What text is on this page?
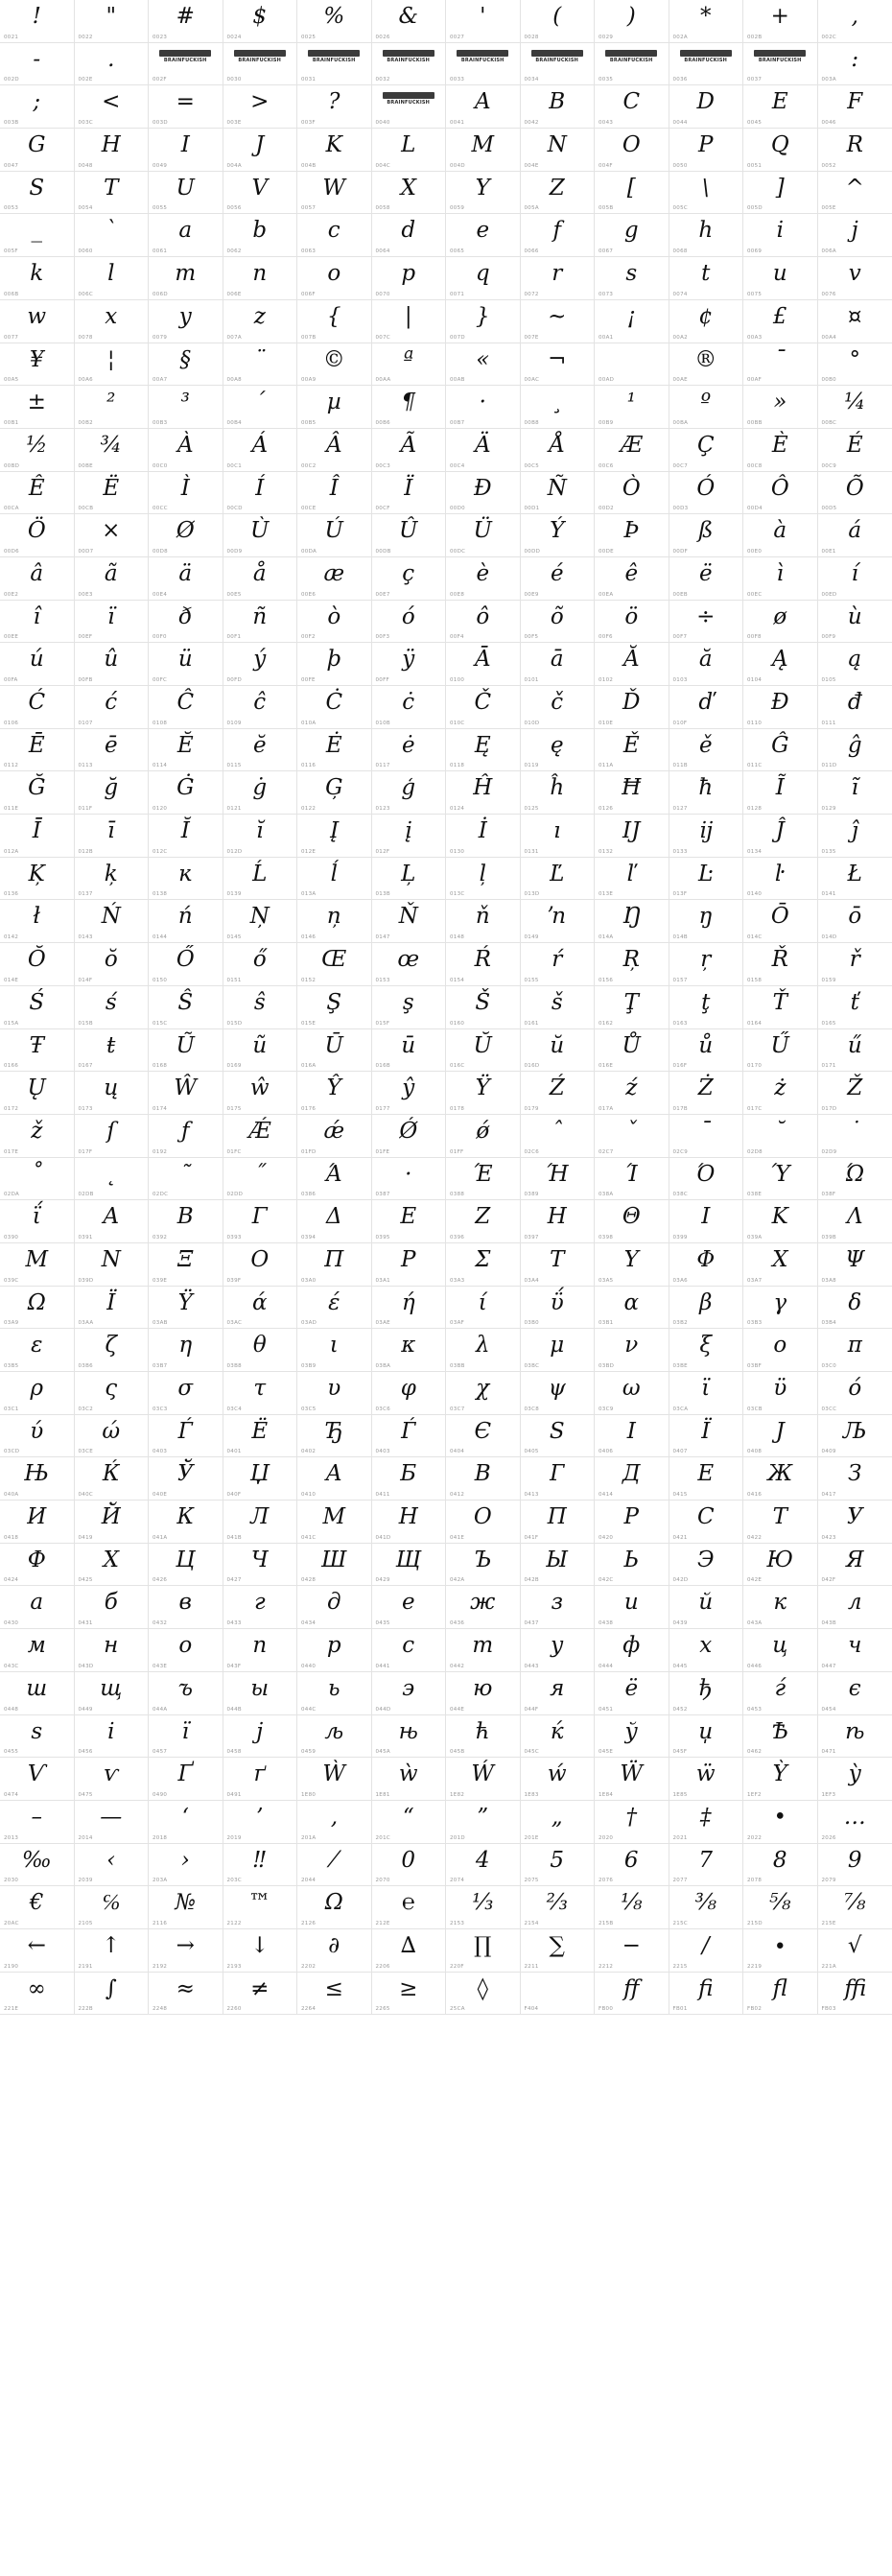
!
0021
"
0022
#
0023
$
0024
%
0025
&
0026
'
0027
(
0028
)
0029
*
002A
+
002B
,
002C
-
002D
.
002E
BRAINFUCKISH
002F
BRAINFUCKISH
0030
BRAINFUCKISH
0031
BRAINFUCKISH
0032
BRAINFUCKISH
0033
BRAINFUCKISH
0034
BRAINFUCKISH
0035
BRAINFUCKISH
0036
BRAINFUCKISH
0037
:
003A
;
003B
<
003C
=
003D
>
003E
?
003F
BRAINFUCKISH
0040
A
0041
B
0042
C
0043
D
0044
E
0045
F
0046
G
0047
H
0048
I
0049
J
004A
K
004B
L
004C
M
004D
N
004E
O
004F
P
0050
Q
0051
R
0052
S
0053
T
0054
U
0055
V
0056
W
0057
X
0058
Y
0059
Z
005A
[
005B
\
005C
]
005D
^
005E
_
005F
`
0060
a
0061
b
0062
c
0063
d
0064
e
0065
f
0066
g
0067
h
0068
i
0069
j
006A
k
006B
l
006C
m
006D
n
006E
o
006F
p
0070
q
0071
r
0072
s
0073
t
0074
u
0075
v
0076
w
0077
x
0078
y
0079
z
007A
{
007B
|
007C
}
007D
~
007E
¡
00A1
¢
00A2
£
00A3
¤
00A4
¥
00A5
¦
00A6
§
00A7
¨
00A8
©
00A9
ª
00AA
«
00AB
¬
00AC	00AD
®
00AE
¯
00AF
°
00B0
±
00B1
²
00B2
³
00B3
´
00B4
µ
00B5
¶
00B6
·
00B7
¸
00B8
¹
00B9
º
00BA
»
00BB
¼
00BC
½
00BD
¾
00BE
À
00C0
Á
00C1
Â
00C2
Ã
00C3
Ä
00C4
Å
00C5
Æ
00C6
Ç
00C7
È
00C8
É
00C9
Ê
00CA
Ë
00CB
Ì
00CC
Í
00CD
Î
00CE
Ï
00CF
Ð
00D0
Ñ
00D1
Ò
00D2
Ó
00D3
Ô
00D4
Õ
00D5
Ö
00D6
×
00D7
Ø
00D8
Ù
00D9
Ú
00DA
Û
00DB
Ü
00DC
Ý
00DD
Þ
00DE
ß
00DF
à
00E0
á
00E1
â
00E2
ã
00E3
ä
00E4
å
00E5
æ
00E6
ç
00E7
è
00E8
é
00E9
ê
00EA
ë
00EB
ì
00EC
í
00ED
î
00EE
ï
00EF
ð
00F0
ñ
00F1
ò
00F2
ó
00F3
ô
00F4
õ
00F5
ö
00F6
÷
00F7
ø
00F8
ù
00F9
ú
00FA
û
00FB
ü
00FC
ý
00FD
þ
00FE
ÿ
00FF
Ā
0100
ā
0101
Ă
0102
ă
0103
Ą
0104
ą
0105
Ć
0106
ć
0107
Ĉ
0108
ĉ
0109
Ċ
010A
ċ
010B
Č
010C
č
010D
Ď
010E
ď
010F
Đ
0110
đ
0111
Ē
0112
ē
0113
Ĕ
0114
ĕ
0115
Ė
0116
ė
0117
Ę
0118
ę
0119
Ě
011A
ě
011B
Ĝ
011C
ĝ
011D
Ğ
011E
ğ
011F
Ġ
0120
ġ
0121
Ģ
0122
ģ
0123
Ĥ
0124
ĥ
0125
Ħ
0126
ħ
0127
Ĩ
0128
ĩ
0129
Ī
012A
ī
012B
Ĭ
012C
ĭ
012D
Į
012E
į
012F
İ
0130
ı
0131
Ĳ
0132
ĳ
0133
Ĵ
0134
ĵ
0135
Ķ
0136
ķ
0137
ĸ
0138
Ĺ
0139
ĺ
013A
Ļ
013B
ļ
013C
Ľ
013D
ľ
013E
Ŀ
013F
ŀ
0140
Ł
0141
ł
0142
Ń
0143
ń
0144
Ņ
0145
ņ
0146
Ň
0147
ň
0148
ŉ
0149
Ŋ
014A
ŋ
014B
Ō
014C
ō
014D
Ŏ
014E
ŏ
014F
Ő
0150
ő
0151
Œ
0152
œ
0153
Ŕ
0154
ŕ
0155
Ŗ
0156
ŗ
0157
Ř
0158
ř
0159
Ś
015A
ś
015B
Ŝ
015C
ŝ
015D
Ş
015E
ş
015F
Š
0160
š
0161
Ţ
0162
ţ
0163
Ť
0164
ť
0165
Ŧ
0166
ŧ
0167
Ũ
0168
ũ
0169
Ū
016A
ū
016B
Ŭ
016C
ŭ
016D
Ů
016E
ů
016F
Ű
0170
ű
0171
Ų
0172
ų
0173
Ŵ
0174
ŵ
0175
Ŷ
0176
ŷ
0177
Ÿ
0178
Ź
0179
ź
017A
Ż
017B
ż
017C
Ž
017D
ž
017E
ſ
017F
ƒ
0192
Ǽ
01FC
ǽ
01FD
Ǿ
01FE
ǿ
01FF
ˆ
02C6
ˇ
02C7
ˉ
02C9
˘
02D8
˙
02D9
˚
02DA
˛
02DB
˜
02DC
˝
02DD
Ά
0386
·
0387
Έ
0388
Ή
0389
Ί
038A
Ό
038C
Ύ
038E
Ώ
038F
ΐ
0390
Α
0391
Β
0392
Γ
0393
Δ
0394
Ε
0395
Ζ
0396
Η
0397
Θ
0398
Ι
0399
Κ
039A
Λ
039B
Μ
039C
Ν
039D
Ξ
039E
Ο
039F
Π
03A0
Ρ
03A1
Σ
03A3
Τ
03A4
Υ
03A5
Φ
03A6
Χ
03A7
Ψ
03A8
Ω
03A9
Ϊ
03AA
Ϋ
03AB
ά
03AC
έ
03AD
ή
03AE
ί
03AF
ΰ
03B0
α
03B1
β
03B2
γ
03B3
δ
03B4
ε
03B5
ζ
03B6
η
03B7
θ
03B8
ι
03B9
κ
03BA
λ
03BB
μ
03BC
ν
03BD
ξ
03BE
ο
03BF
π
03C0
ρ
03C1
ς
03C2
σ
03C3
τ
03C4
υ
03C5
φ
03C6
χ
03C7
ψ
03C8
ω
03C9
ϊ
03CA
ϋ
03CB
ό
03CC
ύ
03CD
ώ
03CE
Ѓ
0403
Ё
0401
Ђ
0402
Ѓ
0403
Є
0404
Ѕ
0405
І
0406
Ї
0407
Ј
0408
Љ
0409
Њ
040A
Ќ
040C
Ў
040E
Џ
040F
А
0410
Б
0411
В
0412
Г
0413
Д
0414
Е
0415
Ж
0416
З
0417
И
0418
Й
0419
К
041A
Л
041B
М
041C
Н
041D
О
041E
П
041F
Р
0420
С
0421
Т
0422
У
0423
Ф
0424
Х
0425
Ц
0426
Ч
0427
Ш
0428
Щ
0429
Ъ
042A
Ы
042B
Ь
042C
Э
042D
Ю
042E
Я
042F
а
0430
б
0431
в
0432
г
0433
д
0434
е
0435
ж
0436
з
0437
и
0438
й
0439
к
043A
л
043B
м
043C
н
043D
о
043E
п
043F
р
0440
с
0441
т
0442
у
0443
ф
0444
х
0445
ц
0446
ч
0447
ш
0448
щ
0449
ъ
044A
ы
044B
ь
044C
э
044D
ю
044E
я
044F
ё
0451
ђ
0452
ѓ
0453
є
0454
ѕ
0455
і
0456
ї
0457
ј
0458
љ
0459
њ
045A
ћ
045B
ќ
045C
ў
045E
џ
045F
Ѣ
0462
ѣ
0471
Ѵ
0474
ѵ
0475
Ґ
0490
ґ
0491
Ẁ
1E80
ẁ
1E81
Ẃ
1E82
ẃ
1E83
Ẅ
1E84
ẅ
1E85
Ỳ
1EF2
ỳ
1EF3
–
2013
—
2014
‘
2018
’
2019
‚
201A
“
201C
”
201D
„
201E
†
2020
‡
2021
•
2022
…
2026
‰
2030
‹
2039
›
203A
‼
203C
⁄
2044
0
2070
4
2074
5
2075
6
2076
7
2077
8
2078
9
2079
€
20AC
℅
2105
№
2116
™
2122
Ω
2126
℮
212E
⅓
2153
⅔
2154
⅛
215B
⅜
215C
⅝
215D
⅞
215E
←
2190
↑
2191
→
2192
↓
2193
∂
2202
∆
2206
∏
220F
∑
2211
−
2212
/
2215
∙
2219
√
221A
∞
221E
∫
222B
≈
2248
≠
2260
≤
2264
≥
2265
◊
25CA	F404
ﬀ
FB00
ﬁ
FB01
ﬂ
FB02
ﬃ
FB03
